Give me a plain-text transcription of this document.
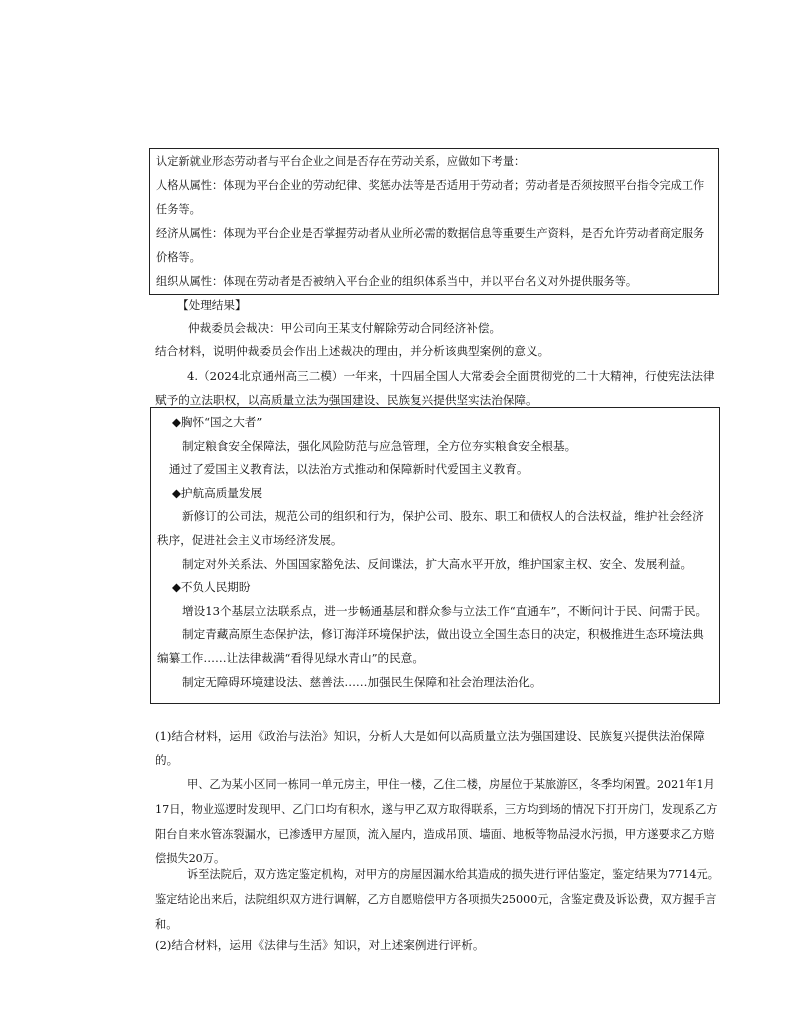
认定新就业形态劳动者与平台企业之间是否存在劳动关系，应做如下考量：

人格从属性：体现为平台企业的劳动纪律、奖惩办法等是否适用于劳动者；劳动者是否须按照平台指令完成工作任务等。

经济从属性：体现为平台企业是否掌握劳动者从业所必需的数据信息等重要生产资料，是否允许劳动者商定服务价格等。

组织从属性：体现在劳动者是否被纳入平台企业的组织体系当中，并以平台名义对外提供服务等。

【处理结果】

仲裁委员会裁决：甲公司向王某支付解除劳动合同经济补偿。

结合材料，说明仲裁委员会作出上述裁决的理由，并分析该典型案例的意义。

4.（2024北京通州高三二模）一年来，十四届全国人大常委会全面贯彻党的二十大精神，行使宪法法律赋予的立法职权，以高质量立法为强国建设、民族复兴提供坚实法治保障。

◆胸怀“国之大者”

制定粮食安全保障法，强化风险防范与应急管理，全方位夯实粮食安全根基。

通过了爱国主义教育法，以法治方式推动和保障新时代爱国主义教育。

◆护航高质量发展

新修订的公司法，规范公司的组织和行为，保护公司、股东、职工和债权人的合法权益，维护社会经济秩序，促进社会主义市场经济发展。

制定对外关系法、外国国家豁免法、反间谍法，扩大高水平开放，维护国家主权、安全、发展利益。

◆不负人民期盼

增设13个基层立法联系点，进一步畅通基层和群众参与立法工作“直通车”，不断问计于民、问需于民。

制定青藏高原生态保护法，修订海洋环境保护法，做出设立全国生态日的决定，积极推进生态环境法典编纂工作……让法律裁满“看得见绿水青山”的民意。

制定无障碍环境建设法、慈善法……加强民生保障和社会治理法治化。

(1)结合材料，运用《政治与法治》知识，分析人大是如何以高质量立法为强国建设、民族复兴提供法治保障的。

甲、乙为某小区同一栋同一单元房主，甲住一楼，乙住二楼，房屋位于某旅游区，冬季均闲置。2021年1月17日，物业巡逻时发现甲、乙门口均有积水，遂与甲乙双方取得联系，三方均到场的情况下打开房门，发现系乙方阳台自来水管冻裂漏水，已渗透甲方屋顶，流入屋内，造成吊顶、墙面、地板等物品浸水污损，甲方遂要求乙方赔偿损失20万。

诉至法院后，双方选定鉴定机构，对甲方的房屋因漏水给其造成的损失进行评估鉴定，鉴定结果为7714元。鉴定结论出来后，法院组织双方进行调解，乙方自愿赔偿甲方各项损失25000元，含鉴定费及诉讼费，双方握手言和。

(2)结合材料，运用《法律与生活》知识，对上述案例进行评析。
